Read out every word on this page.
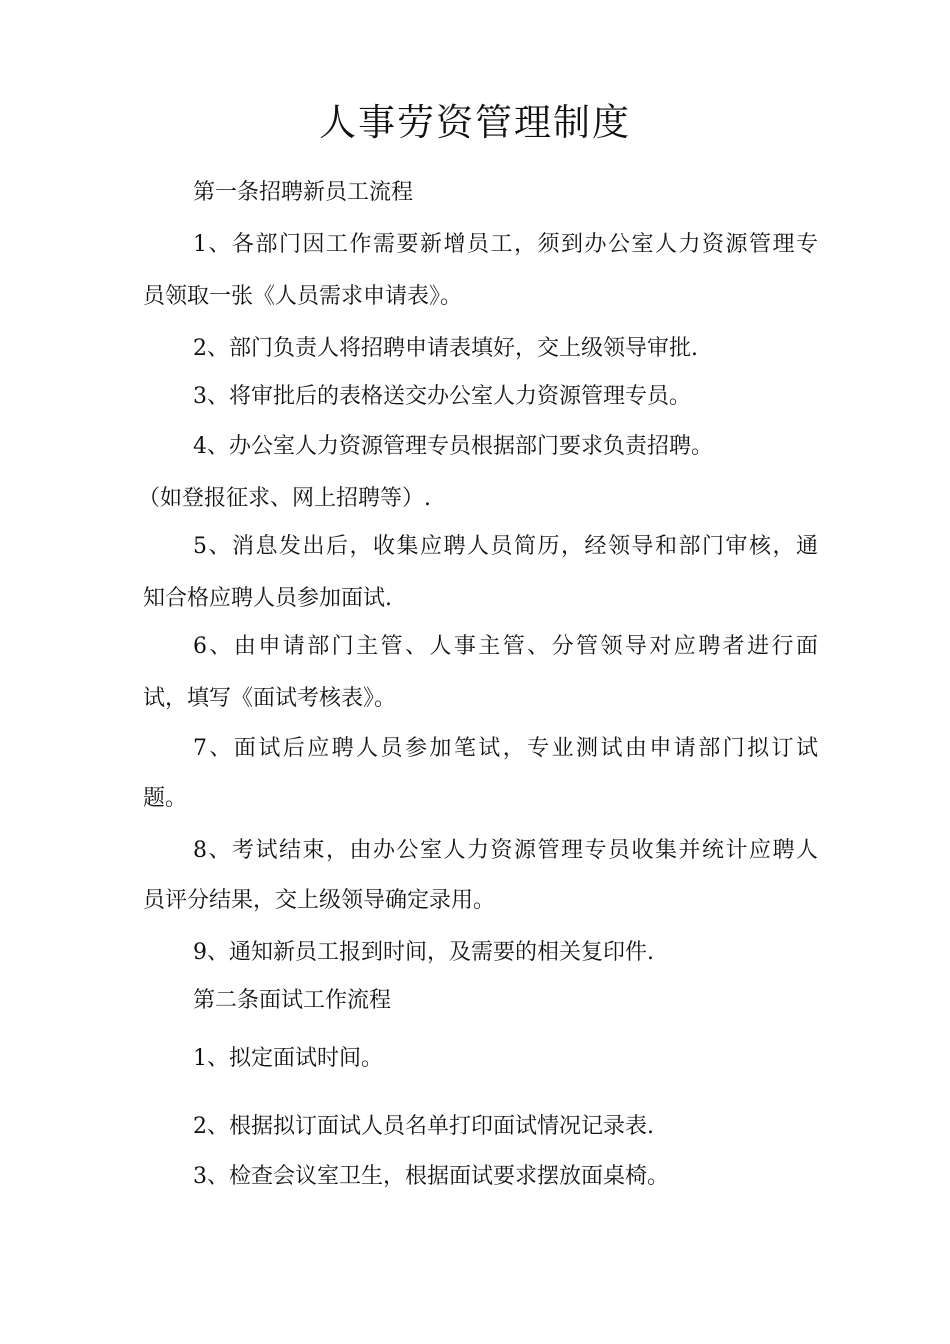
人事劳资管理制度
第一条招聘新员工流程
1、各部门因工作需要新增员工，须到办公室人力资源管理专
员领取一张《人员需求申请表》。
2、部门负责人将招聘申请表填好，交上级领导审批.
3、将审批后的表格送交办公室人力资源管理专员。
4、办公室人力资源管理专员根据部门要求负责招聘。
（如登报征求、网上招聘等）.
5、消息发出后，收集应聘人员简历，经领导和部门审核，通
知合格应聘人员参加面试.
6、由申请部门主管、人事主管、分管领导对应聘者进行面
试，填写《面试考核表》。
7、面试后应聘人员参加笔试，专业测试由申请部门拟订试
题。
8、考试结束，由办公室人力资源管理专员收集并统计应聘人
员评分结果，交上级领导确定录用。
9、通知新员工报到时间，及需要的相关复印件.
第二条面试工作流程
1、拟定面试时间。
2、根据拟订面试人员名单打印面试情况记录表.
3、检查会议室卫生，根据面试要求摆放面桌椅。
